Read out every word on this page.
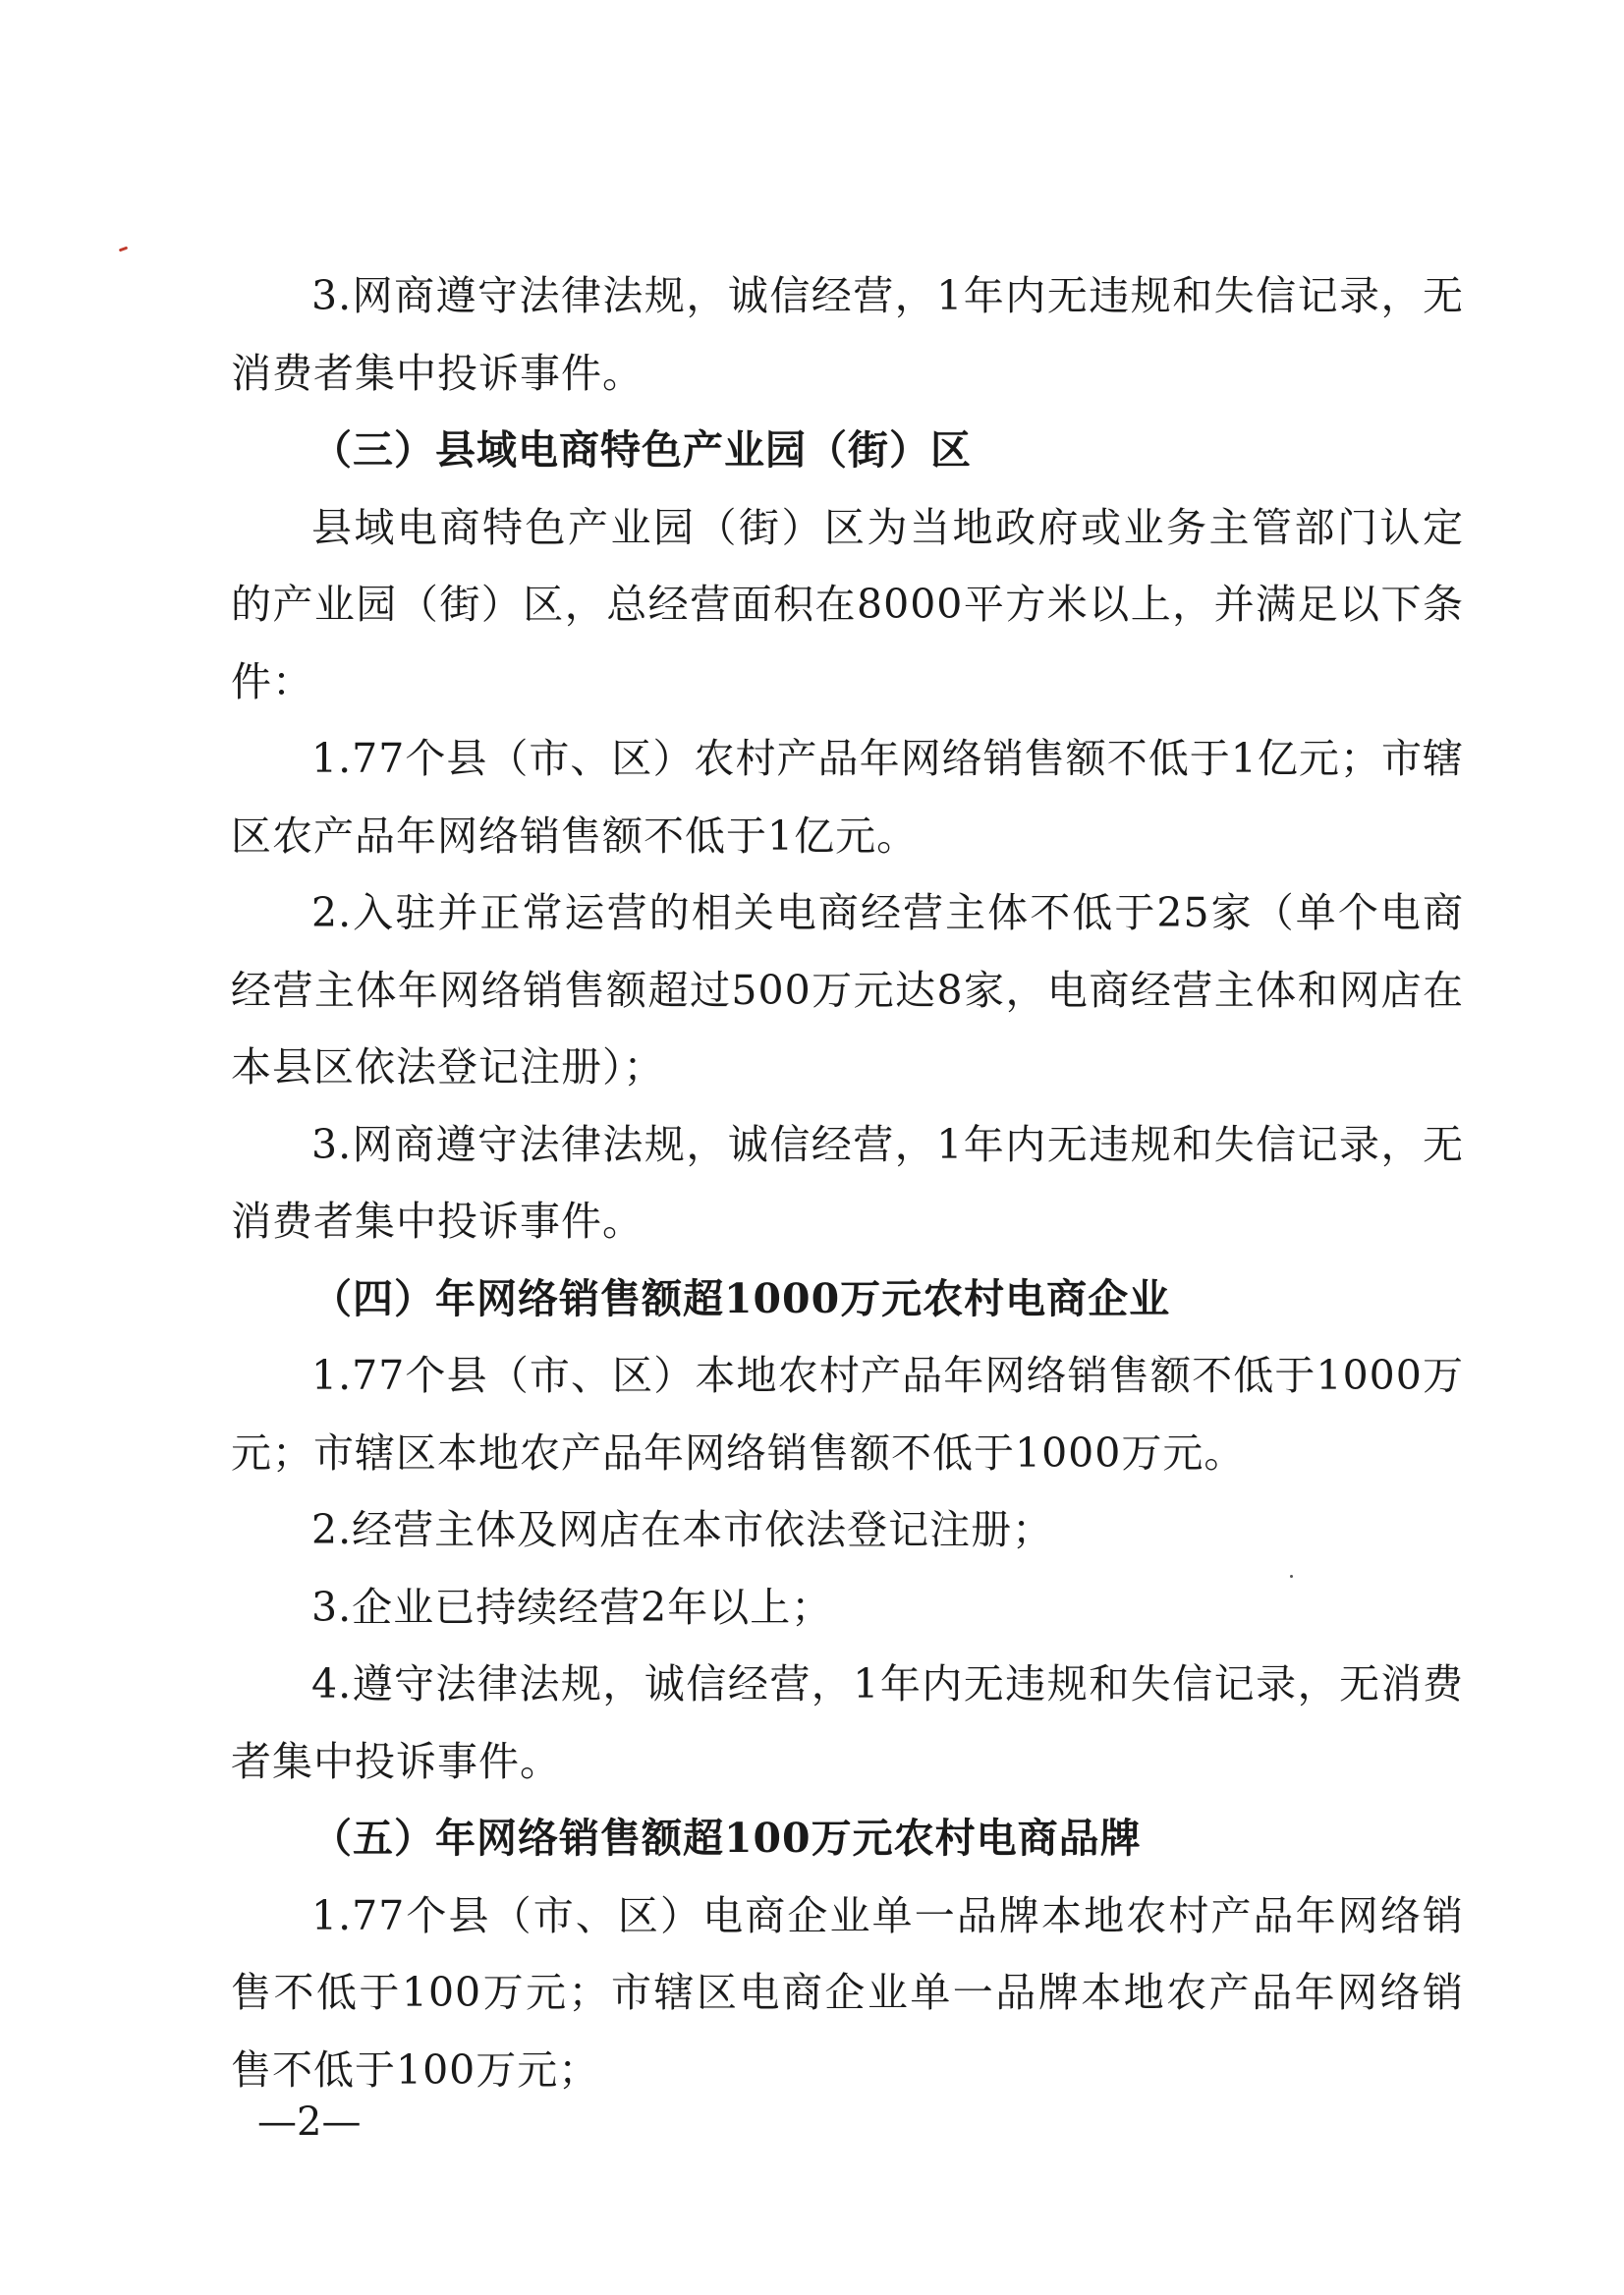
3.网商遵守法律法规，诚信经营，1年内无违规和失信记录，无消费者集中投诉事件。

（三）县域电商特色产业园（街）区

县域电商特色产业园（街）区为当地政府或业务主管部门认定的产业园（街）区，总经营面积在8000平方米以上，并满足以下条件：

1.77个县（市、区）农村产品年网络销售额不低于1亿元；市辖区农产品年网络销售额不低于1亿元。

2.入驻并正常运营的相关电商经营主体不低于25家（单个电商经营主体年网络销售额超过500万元达8家，电商经营主体和网店在本县区依法登记注册）；

3.网商遵守法律法规，诚信经营，1年内无违规和失信记录，无消费者集中投诉事件。

（四）年网络销售额超1000万元农村电商企业

1.77个县（市、区）本地农村产品年网络销售额不低于1000万元；市辖区本地农产品年网络销售额不低于1000万元。

2.经营主体及网店在本市依法登记注册；

3.企业已持续经营2年以上；

4.遵守法律法规，诚信经营，1年内无违规和失信记录，无消费者集中投诉事件。

（五）年网络销售额超100万元农村电商品牌

1.77个县（市、区）电商企业单一品牌本地农村产品年网络销售不低于100万元；市辖区电商企业单一品牌本地农产品年网络销售不低于100万元；

—2—
